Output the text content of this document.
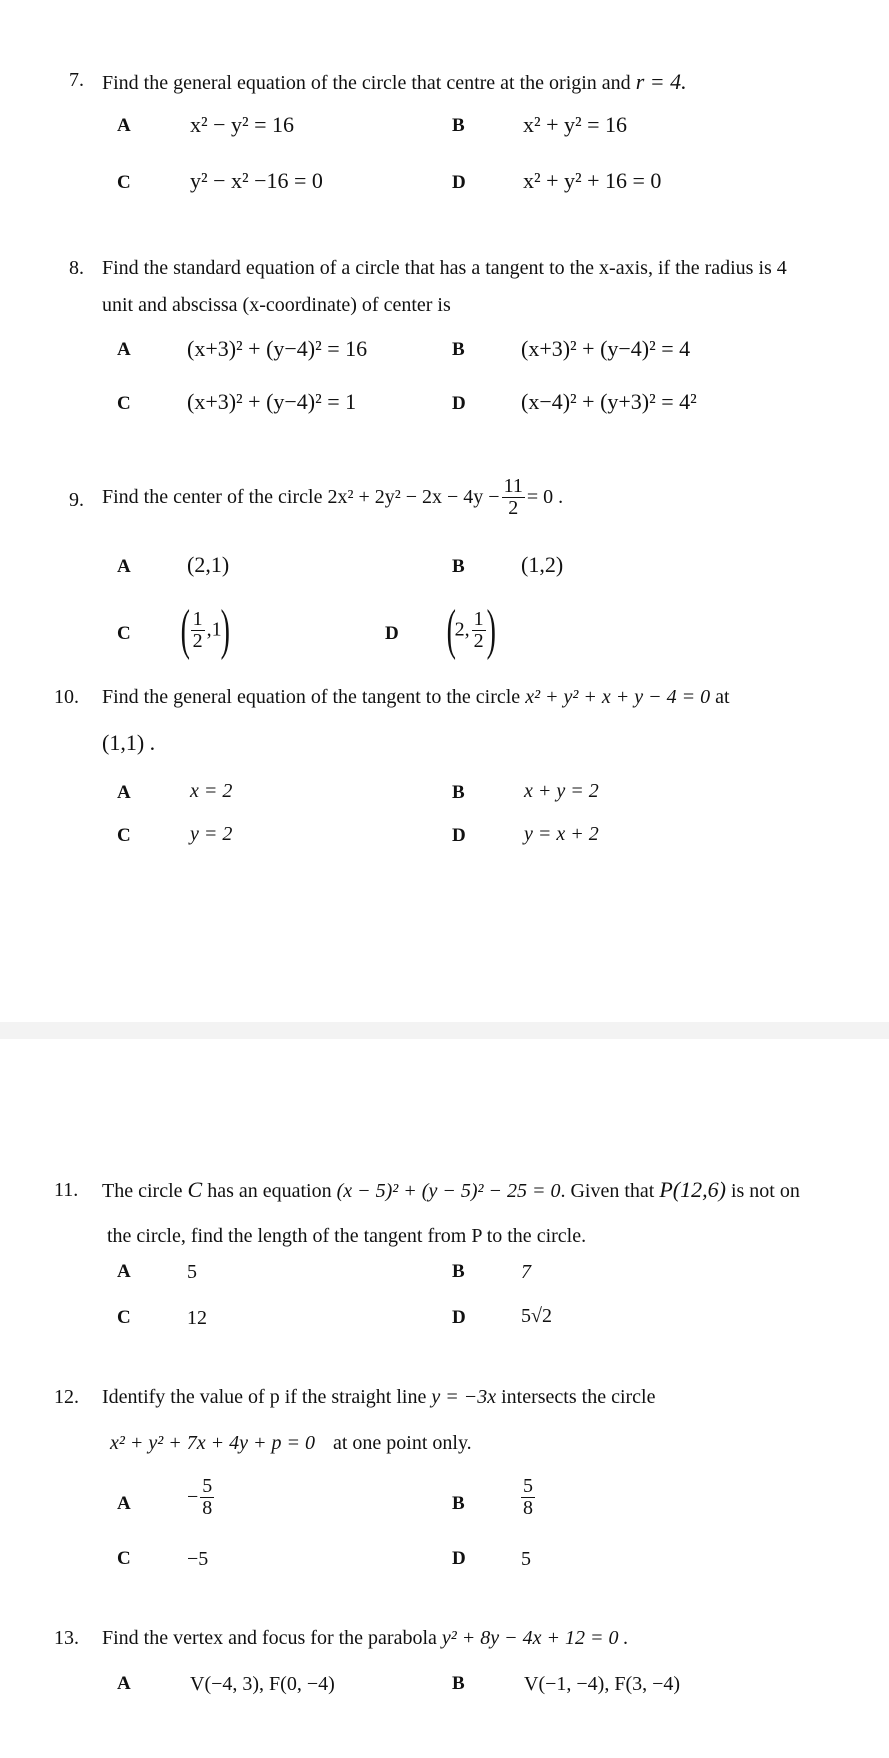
7. Find the general equation of the circle that centre at the origin and r = 4.
A	x² − y² = 16	B	x² + y² = 16
C	y² − x² −16 = 0	D	x² + y² + 16 = 0
8. Find the standard equation of a circle that has a tangent to the x-axis, if the radius is 4
unit and abscissa (x-coordinate) of center is
A	(x+3)² + (y−4)² = 16	B	(x+3)² + (y−4)² = 4
C	(x+3)² + (y−4)² = 1	D	(x−4)² + (y+3)² = 4²
9. Find the center of the circle $2x^2 + 2y^2 - 2x - 4y - \frac{11}{2} = 0$ .
A	(2,1)	B	(1,2)
C ( $\frac{1}{2} ,1$)	D (2, $\frac{1}{2}$ )
10. Find the general equation of the tangent to the circle x² + y² + x + y − 4 = 0 at
(1,1) .
A	x = 2	B	x + y = 2
C	y = 2	D	y = x + 2
11. The circle C has an equation (x − 5)² + (y − 5)² − 25 = 0. Given that P(12,6) is not on
the circle, find the length of the tangent from P to the circle.
A	5	B	7
C	12	D	5√2
12. Identify the value of p if the straight line y = −3x intersects the circle
x² + y² + 7x + 4y + p = 0 at one point only.
A	− $\frac{5}{8}$	B	$\frac{5}{8}$
C	−5	D	5
13. Find the vertex and focus for the parabola y² + 8y − 4x + 12 = 0 .
A	V(−4, 3), F(0, −4)	B	V(−1, −4), F(3, −4)
